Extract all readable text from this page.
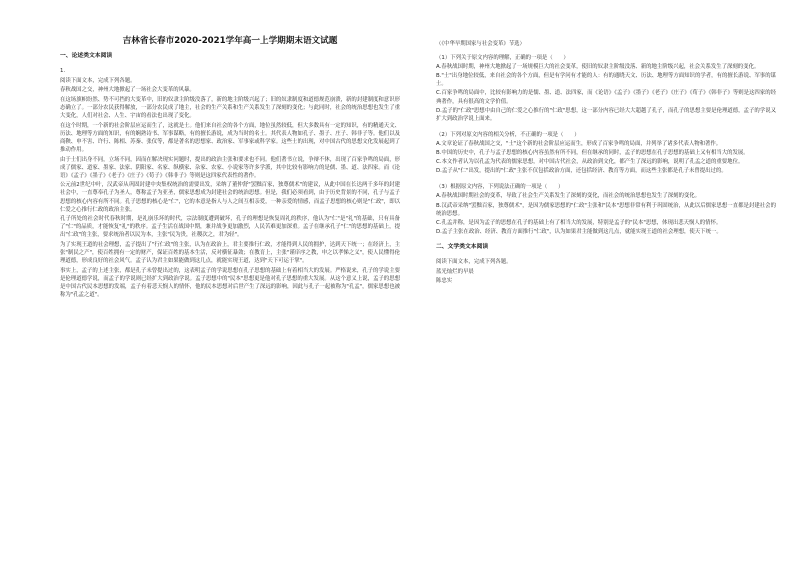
吉林省长春市2020-2021学年高一上学期期末语文试题
一、论述类文本阅读
1.
阅读下面文本，完成下列各题。
春秋战国之交，神州大地掀起了一场社会大变革的风暴。
在这场旗帜纷然、势不可挡的大变革中，旧的奴隶主阶级没落了，新的地主阶级兴起了；旧的奴隶制度和道德规范崩溃，新的封建制度和意识形态确立了。一部分农民获得解放，一部分农民成了地主，社会的生产关系和生产关系发生了深刻的变化；与此同时，社会的统治思想也发生了重大变化，人们对社会、人生、宇宙的看法也出现了变化。
在这个时期，一个新的社会阶层应运而生了，这就是士。他们来自社会的各个方面，地位虽然较低，但大多数具有一定的知识，有的精通天文、历法、地理等方面的知识，有的娴熟诗书、军事谋略，有的擅长游说，成为当时的名士。其代表人物如孔子、墨子、庄子、韩非子等。他们以及商鞅、申不害、许行、陈相、苏秦、张仪等，都是著名的思想家、政治家、军事家或科学家。这些士的出现，对中国古代的思想文化发展起到了推动作用。
由于士们出身不同，立场不同，因而在解决现实问题时，提出的政治主张和要求也不同。他们著书立说，争辩不休，出现了百家争鸣的局面，形成了儒家、道家、墨家、法家、阴阳家、名家、纵横家、杂家、农家、小说家等许多学派，其中比较有影响力的是儒、墨、道、法四家。而《论语》《孟子》《墨子》《老子》《庄子》《荀子》《韩非子》等则是这四家代表性的著作。
公元前2世纪中叶，汉武帝从巩固封建中央集权统治的需要出发，采纳了董仲舒"罢黜百家，独尊儒术"的建议，从此中国在长达两千多年的封建社会中，一直尊奉孔子为圣人，尊称孟子为亚圣，儒家思想成为封建社会的统治思想。但是，我们必须看到，由于历史背景的不同，孔子与孟子思想的核心内容有所不同。孔子思想的核心是"仁"，它的本意是指人与人之间互相亲爱，一种亲爱的情感，而孟子思想的核心则是"仁政"，即以仁爱之心推行仁政的政治主张。
孔子所处的社会时代春秋时期，是礼崩乐坏的时代，宗法制度遭到破坏，孔子的理想是恢复周礼的秩序，他认为"仁"是"礼"的基础，只有具备了"仁"的品质，才能恢复"礼"的秩序。孟子生活在战国中期，兼并战争更加激烈，人民苦难更加深重。孟子在继承孔子"仁"的思想的基础上，提出"仁政"的主张，要求统治者以民为本，主张"民为贵，社稷次之，君为轻"。
为了实现王道的社会理想，孟子提出了"行仁政"的主张，认为在政治上，君主要推行仁政，才能得到人民的拥护，达到天下统一；在经济上，主张"制民之产"，使百姓拥有一定的财产，保证百姓的基本生活，反对横征暴敛；在教育上，主张"谨庠序之教，申之以孝悌之义"，使人民懂得伦理道德，形成良好的社会风气。孟子认为君主如果能做到这几点，就能实现王道，达到"天下可运于掌"。
事实上，孟子的上述主张，都是孔子未曾提出过的，这表明孟子的学说思想在孔子思想的基础上有着相当大的发展。严格说来，孔子的学说主要是伦理道德学说，而孟子的学说则已经扩大到政治学说。孟子思想中的"民本"思想更是他对孔子思想的重大发展。从这个意义上说，孟子的思想是中国古代民本思想的发端，孟子有着悲天悯人的情怀，他的民本思想对后世产生了深远的影响，因此与孔子一起被称为"孔孟"，儒家思想也被称为"孔孟之道"。
（《中华早期国家与社会变革》节选）
（1）下列关于原文内容的理解，正确的一项是（　　）
A.春秋战国时期，神州大地掀起了一场规模巨大的社会变革，使旧的奴隶主阶级没落、新的地主阶级兴起，社会关系发生了深刻的变化。
B."士"出身地位较低，来自社会的各个方面，但是有学问有才能的人：有的通晓天文、历法、地理等方面知识的学者，有的擅长游说、军事的谋士。
C.百家争鸣的局面中，比较有影响力的是儒、墨、道、法四家，而《论语》《孟子》《墨子》《老子》《庄子》《荀子》《韩非子》等则是这四家的经典著作，具有很高的文学价值。
D.孟子的"仁政"思想中由自己的仁爱之心推行的"仁政"思想，这一部分内容已经大大超越了孔子，而孔子的思想主要是伦理道德，孟子的学说又扩大到政治学说上面来。
（2）下列对原文内容的相关分析，不正确的一项是（　　）
A.文章论证了春秋战国之交，"士"这个新的社会阶层应运而生，形成了百家争鸣的局面，并列举了诸多代表人物和著作。
B.中国的历史中，孔子与孟子思想的核心内容虽然有所不同，但在继承的同时，孟子的思想在孔子思想的基础上又有相当大的发展。
C.本文作者认为以孔孟为代表的儒家思想，对中国古代社会，从政治到文化，都产生了深远的影响，说明了孔孟之道的重要地位。
D.孟子从"仁"出发，提出的"仁政"主张不仅包括政治方面，还包括经济、教育等方面，而这些主张都是孔子未曾提出过的。
（3）根据原文内容，下列说法正确的一项是（　　）
A.春秋战国时期社会的变革，导致了社会生产关系发生了深刻的变化，而社会的统治思想也发生了深刻的变化。
B.汉武帝采纳"罢黜百家，独尊儒术"，是因为儒家思想的"仁政"主张和"民本"思想非常有利于巩固统治，从此以后儒家思想一直都是封建社会的统治思想。
C.孔孟并称，是因为孟子的思想在孔子的基础上有了相当大的发展，特别是孟子的"民本"思想，体现出悲天悯人的情怀。
D.孟子主张在政治、经济、教育方面推行"仁政"，认为如果君主能做到这几点，就能实现王道的社会理想，使天下统一。
二、文学类文本阅读
阅读下面文本，完成下列各题。
蓝光灿烂的早晨
陈忠实
